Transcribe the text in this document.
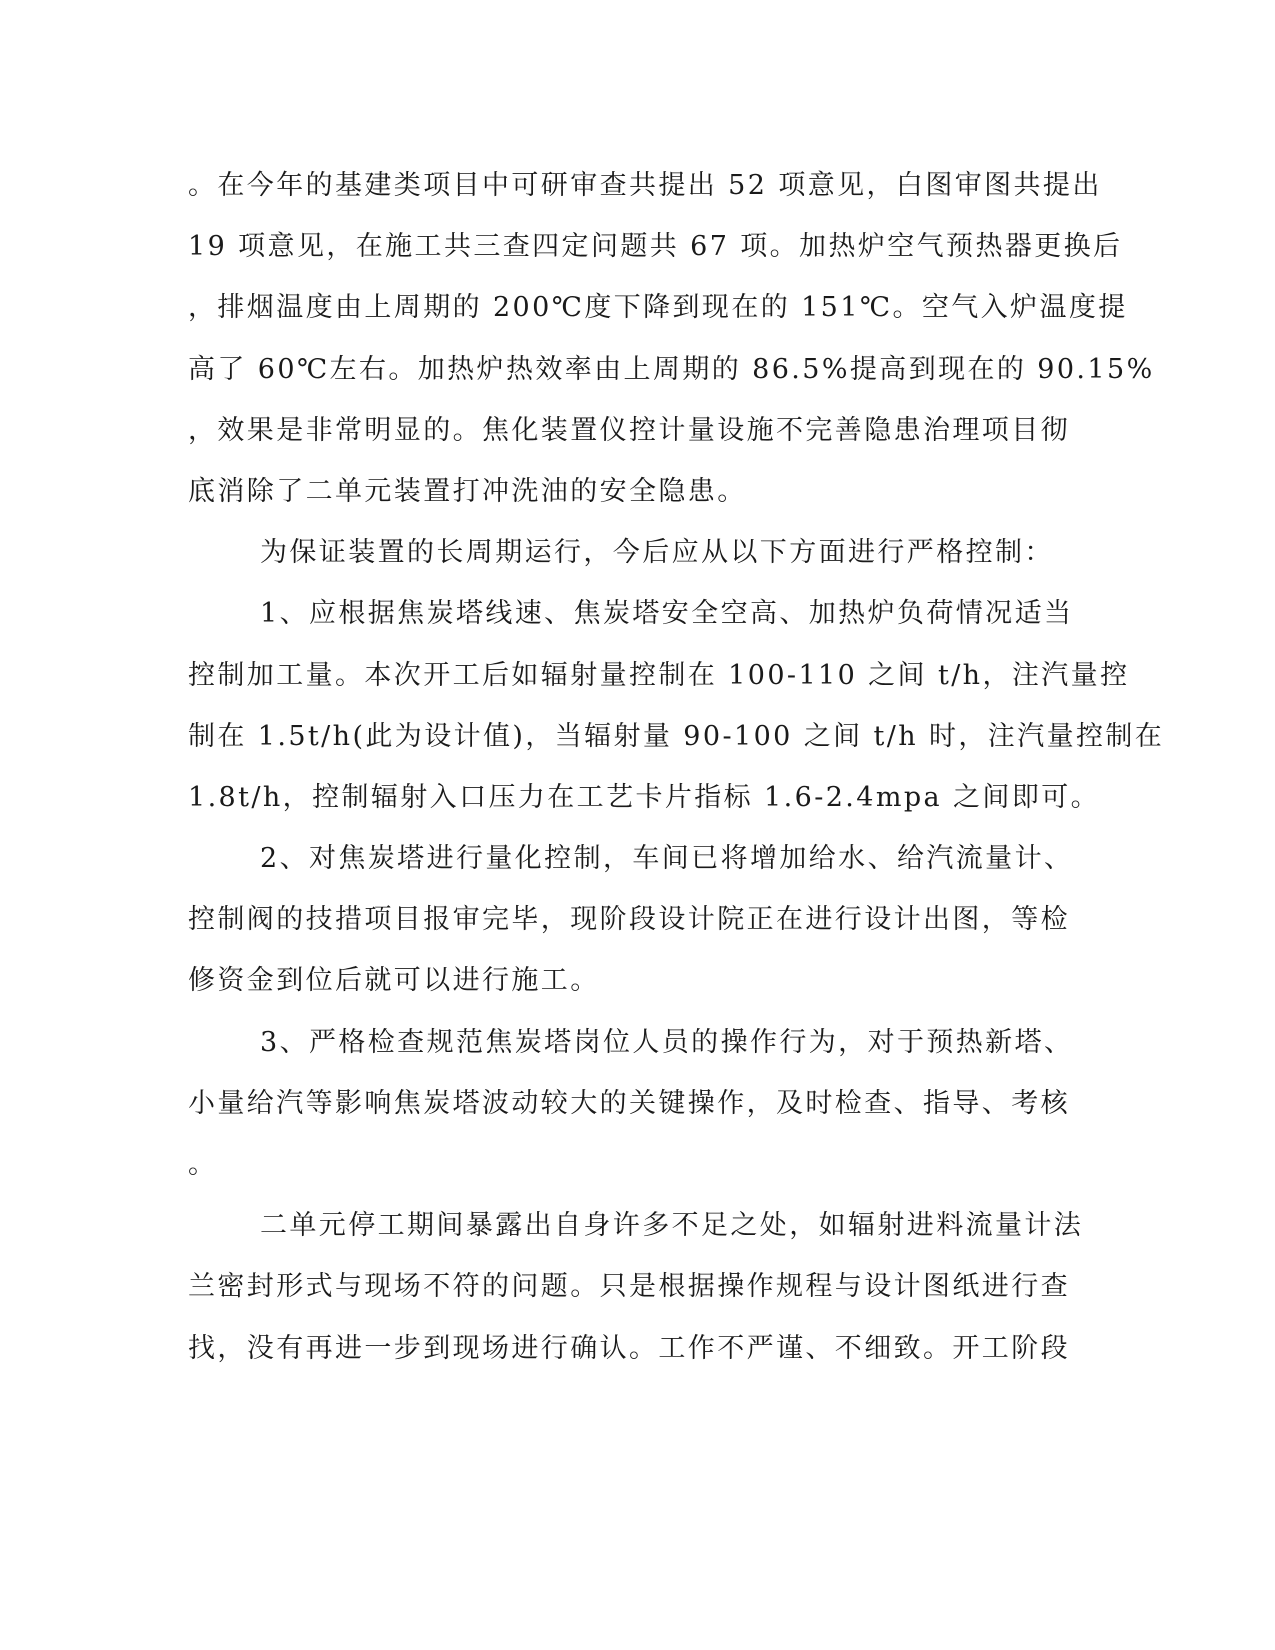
。在今年的基建类项目中可研审查共提出 52 项意见，白图审图共提出
19 项意见，在施工共三查四定问题共 67 项。加热炉空气预热器更换后
，排烟温度由上周期的 200℃度下降到现在的 151℃。空气入炉温度提
高了 60℃左右。加热炉热效率由上周期的 86.5%提高到现在的 90.15%
，效果是非常明显的。焦化装置仪控计量设施不完善隐患治理项目彻
底消除了二单元装置打冲洗油的安全隐患。
为保证装置的长周期运行，今后应从以下方面进行严格控制：
1、应根据焦炭塔线速、焦炭塔安全空高、加热炉负荷情况适当
控制加工量。本次开工后如辐射量控制在 100-110 之间 t/h，注汽量控
制在 1.5t/h(此为设计值)，当辐射量 90-100 之间 t/h 时，注汽量控制在
1.8t/h，控制辐射入口压力在工艺卡片指标 1.6-2.4mpa 之间即可。
2、对焦炭塔进行量化控制，车间已将增加给水、给汽流量计、
控制阀的技措项目报审完毕，现阶段设计院正在进行设计出图，等检
修资金到位后就可以进行施工。
3、严格检查规范焦炭塔岗位人员的操作行为，对于预热新塔、
小量给汽等影响焦炭塔波动较大的关键操作，及时检查、指导、考核
。
二单元停工期间暴露出自身许多不足之处，如辐射进料流量计法
兰密封形式与现场不符的问题。只是根据操作规程与设计图纸进行查
找，没有再进一步到现场进行确认。工作不严谨、不细致。开工阶段
